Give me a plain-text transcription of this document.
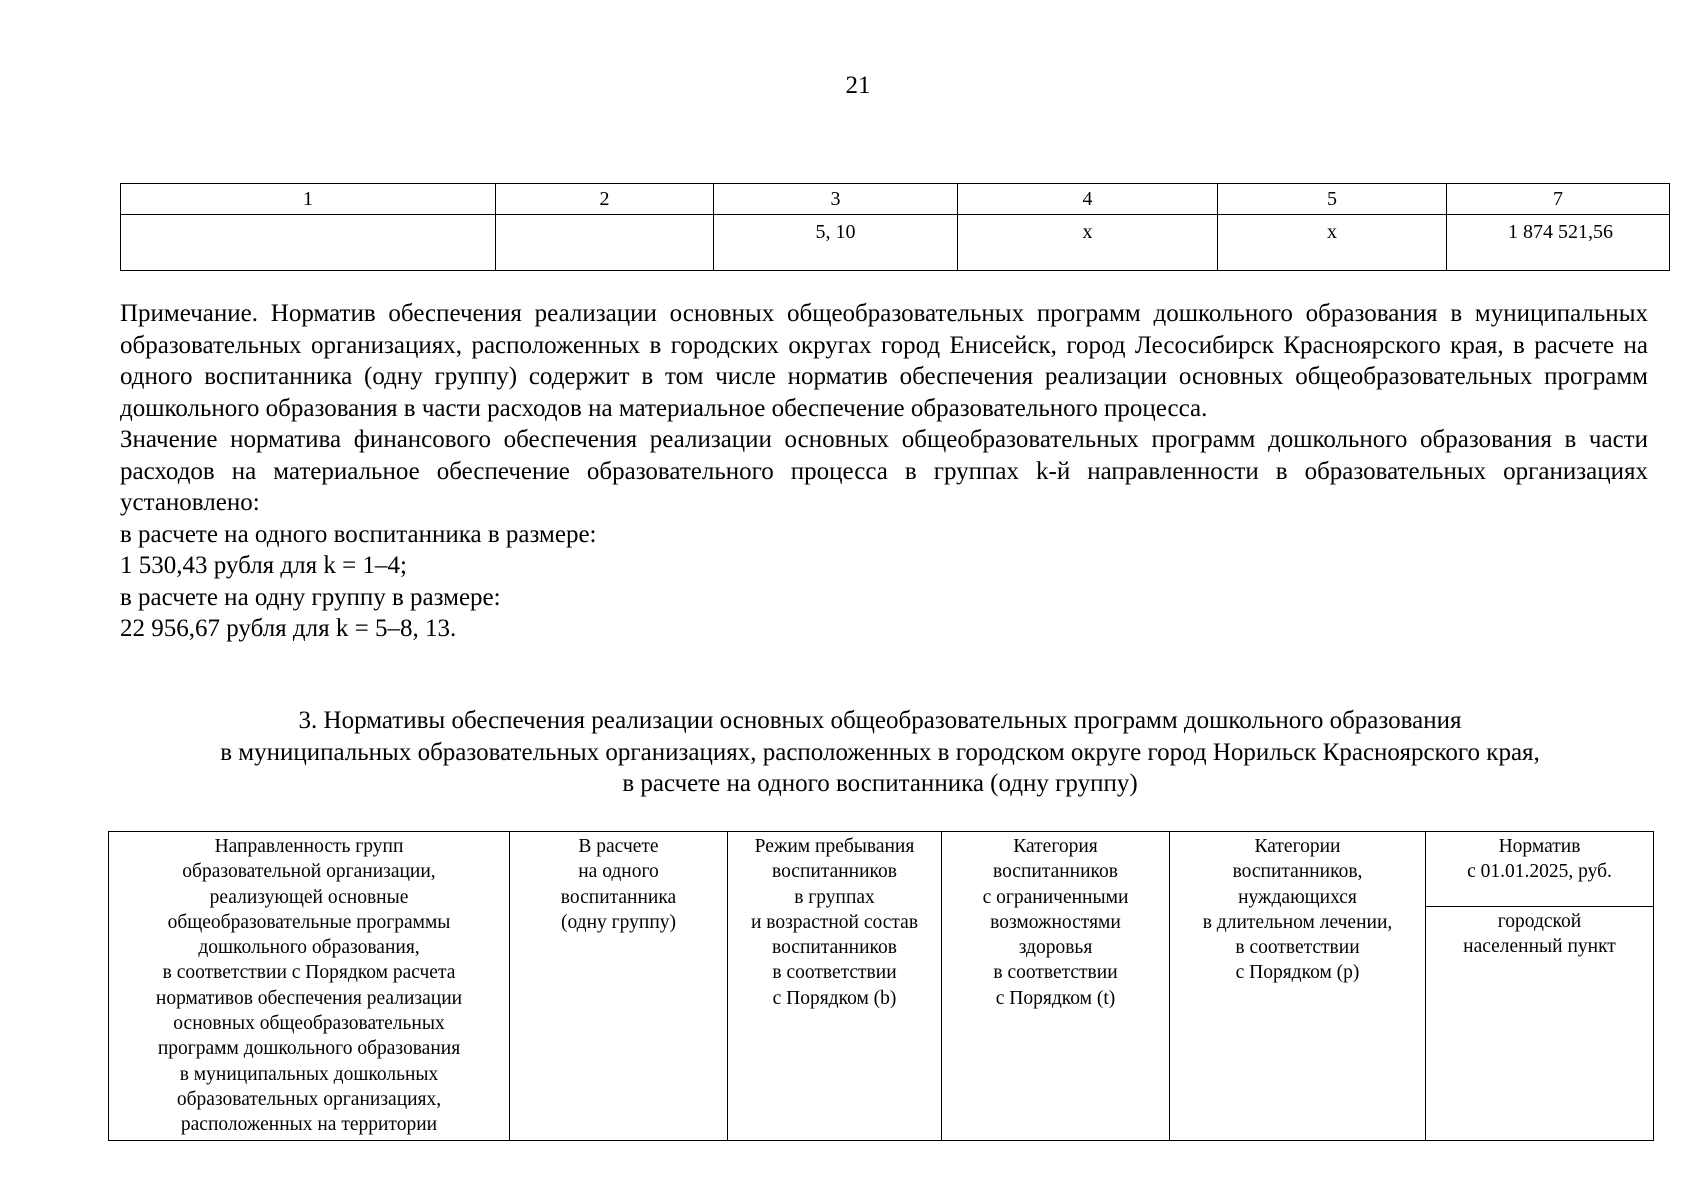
21
1	2	3	4	5	7
		5, 10	x	x	1 874 521,56

Примечание. Норматив обеспечения реализации основных общеобразовательных программ дошкольного образования в муниципальных образовательных организациях, расположенных в городских округах город Енисейск, город Лесосибирск Красноярского края, в расчете на одного воспитанника (одну группу) содержит в том числе норматив обеспечения реализации основных общеобразовательных программ дошкольного образования в части расходов на материальное обеспечение образовательного процесса.

Значение норматива финансового обеспечения реализации основных общеобразовательных программ дошкольного образования в части расходов на материальное обеспечение образовательного процесса в группах k-й направленности в образовательных организациях установлено:

в расчете на одного воспитанника в размере:
1 530,43 рубля для k = 1–4;
в расчете на одну группу в размере:
22 956,67 рубля для k = 5–8, 13.
3. Нормативы обеспечения реализации основных общеобразовательных программ дошкольного образования
в муниципальных образовательных организациях, расположенных в городском округе город Норильск Красноярского края,
в расчете на одного воспитанника (одну группу)
Направленность групп
образовательной организации,
реализующей основные
общеобразовательные программы
дошкольного образования,
в соответствии с Порядком расчета
нормативов обеспечения реализации
основных общеобразовательных
программ дошкольного образования
в муниципальных дошкольных
образовательных организациях,
расположенных на территории

В расчете
на одного
воспитанника
(одну группу)

Режим пребывания
воспитанников
в группах
и возрастной состав
воспитанников
в соответствии
с Порядком (b)

Категория
воспитанников
с ограниченными
возможностями
здоровья
в соответствии
с Порядком (t)

Категории
воспитанников,
нуждающихся
в длительном лечении,
в соответствии
с Порядком (p)

Норматив
с 01.01.2025, руб.

городской
населенный пункт
